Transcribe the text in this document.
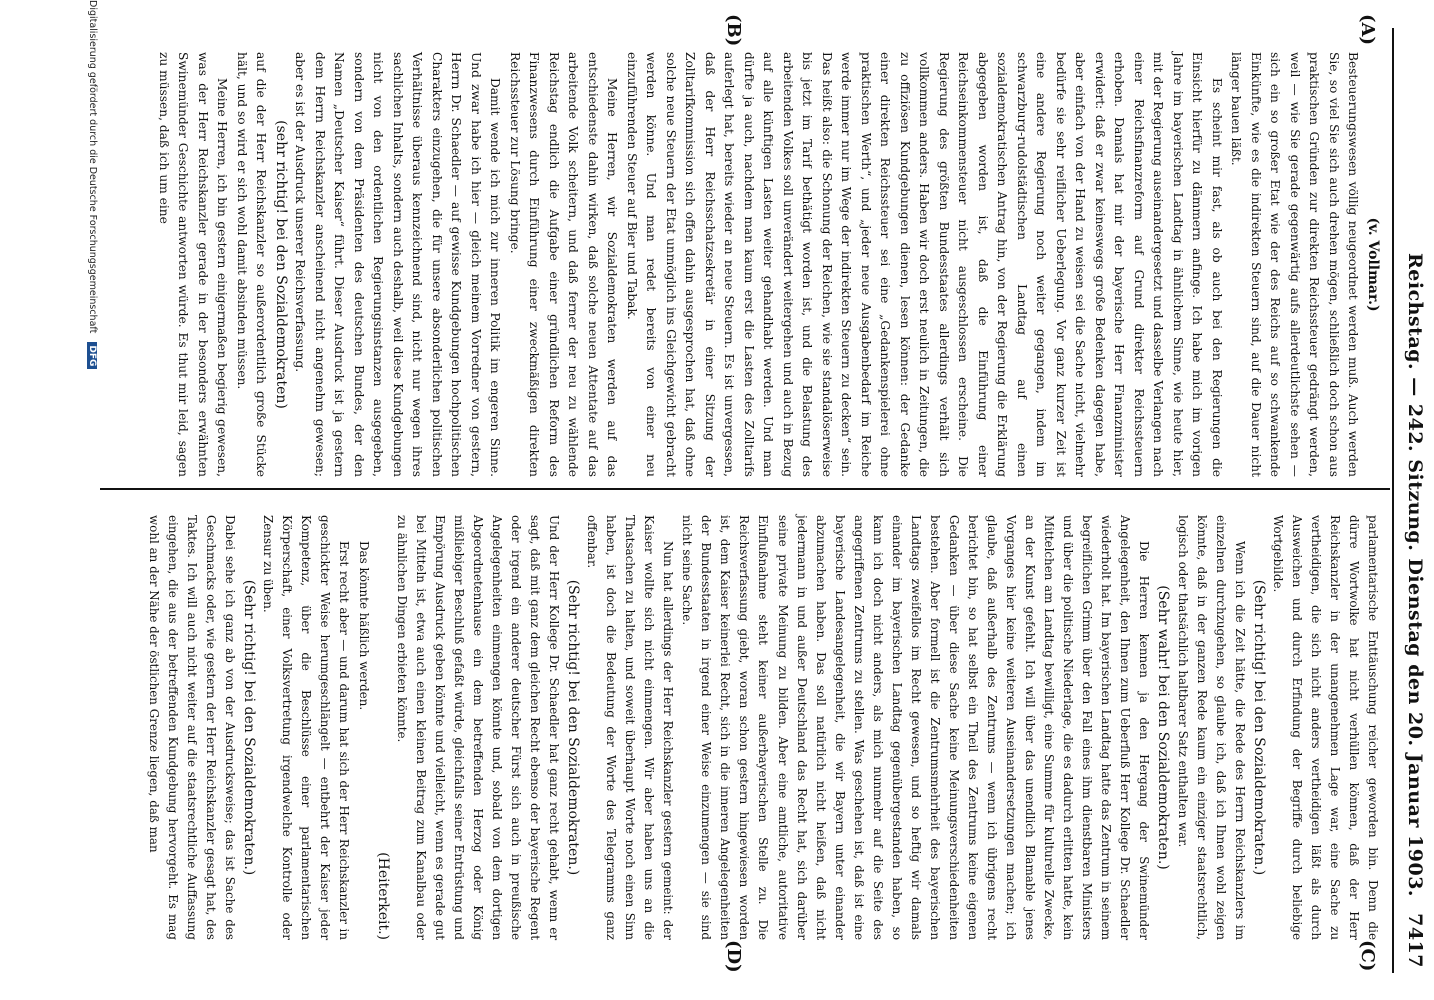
Reichstag. — 242. Sitzung. Dienstag den 20. Januar 1903.
7417
(A)
(B)
(C)
(D)

(v. Vollmar.)

Besteuerungswesen völlig neugeordnet werden muß. Auch werden Sie, so viel Sie sich auch drehen mögen, schließlich doch schon aus praktischen Gründen zur direkten Reichssteuer gedrängt werden, weil — wie Sie gerade gegenwärtig aufs allerdeutlichste sehen — sich ein so großer Etat wie der des Reichs auf so schwankende Einkünfte, wie es die indirekten Steuern sind, auf die Dauer nicht länger bauen läßt.

Es scheint mir fast, als ob auch bei den Regierungen die Einsicht hierfür zu dämmern anfinge. Ich habe mich im vorigen Jahre im bayerischen Landtag in ähnlichem Sinne, wie heute hier, mit der Regierung auseinandergesetzt und dasselbe Verlangen nach einer Reichsfinanzreform auf Grund direkter Reichssteuern erhoben. Damals hat mir der bayerische Herr Finanzminister erwidert: daß er zwar keineswegs große Bedenken dagegen habe, aber einfach von der Hand zu weisen sei die Sache nicht, vielmehr bedürfe sie sehr reiflicher Ueberlegung. Vor ganz kurzer Zeit ist eine andere Regierung noch weiter gegangen, indem im schwarzburg-rudolstädtischen Landtag auf einen sozialdemokratischen Antrag hin, von der Regierung die Erklärung abgegeben worden ist, daß die Einführung einer Reichseinkommensteuer nicht ausgeschlossen erscheine. Die Regierung des größten Bundesstaates allerdings verhält sich vollkommen anders. Haben wir doch erst neulich in Zeitungen, die zu offiziösen Kundgebungen dienen, lesen können: der Gedanke einer direkten Reichssteuer sei eine „Gedankenspielerei ohne praktischen Werth“, und „jeder neue Ausgabenbedarf im Reiche werde immer nur im Wege der indirekten Steuern zu decken“ sein. Das heißt also: die Schonung der Reichen, wie sie standalöserweise bis jetzt im Tarif bethätigt worden ist, und die Belastung des arbeitenden Volkes soll unverändert weitergehen und auch in Bezug auf alle künftigen Lasten weiter gehandhabt werden. Und man dürfte ja auch, nachdem man kaum erst die Lasten des Zolltarifs auferlegt hat, bereits wieder an neue Steuern. Es ist unvergessen, daß der Herr Reichsschatzsekretär in einer Sitzung der Zolltarifkommission sich offen dahin ausgesprochen hat, daß ohne solche neue Steuern der Etat unmöglich ins Gleichgewicht gebracht werden könne. Und man redet bereits von einer neu einzuführenden Steuer auf Bier und Tabak.

Meine Herren, wir Sozialdemokraten werden auf das entschiedenste dahin wirken, daß solche neuen Attentate auf das arbeitende Volk scheitern, und daß ferner der neu zu wählende Reichstag endlich die Aufgabe einer gründlichen Reform des Finanzwesens durch Einführung einer zweckmäßigen direkten Reichssteuer zur Lösung bringe.

Damit wende ich mich zur inneren Politik im engeren Sinne. Und zwar habe ich hier — gleich meinem Vorredner von gestern, Herrn Dr. Schaedler — auf gewisse Kundgebungen hochpolitischen Charakters einzugehen, die für unsere absonderlichen politischen Verhältnisse überaus kennzeichnend sind, nicht nur wegen ihres sachlichen Inhalts, sondern auch deshalb, weil diese Kundgebungen nicht von den ordentlichen Regierungsinstanzen ausgegeben, sondern von dem Präsidenten des deutschen Bundes, der den Namen „Deutscher Kaiser“ führt. Dieser Ausdruck ist ja gestern dem Herrn Reichskanzler anscheinend nicht angenehm gewesen; aber es ist der Ausdruck unserer Reichsverfassung.

(sehr richtig! bei den Sozialdemokraten)

auf die der Herr Reichskanzler so außerordentlich große Stücke hält, und so wird er sich wohl damit absinden müssen.

Meine Herren, ich bin gestern einigermaßen begierig gewesen, was der Herr Reichskanzler gerade in der besonders erwähnten Swinemünder Geschichte antworten würde. Es thut mir leid, sagen zu müssen, daß ich um eine

parlamentarische Enttäuschung reicher geworden bin. Denn die dürre Wortwolke hat nicht verhüllen können, daß der Herr Reichskanzler in der unangenehmen Lage war, eine Sache zu vertheidigen, die sich nicht anders vertheidigen läßt als durch Ausweichen und durch Erfindung der Begriffe durch beliebige Wortgebilde.

(Sehr richtig! bei den Sozialdemokraten.)

Wenn ich die Zeit hätte, die Rede des Herrn Reichskanzlers im einzelnen durchzugehen, so glaube ich, daß ich Ihnen wohl zeigen könnte, daß in der ganzen Rede kaum ein einziger staatsrechtlich, logisch oder thatsächlich haltbarer Satz enthalten war.

(Sehr wahr! bei den Sozialdemokraten.)

Die Herren kennen ja den Hergang der Swinemünder Angelegenheit, den Ihnen zum Ueberfluß Herr Kollege Dr. Schaedler wiederholt hat. Im bayerischen Landtag hatte das Zentrum in seinem begreiflichen Grimm über den Fall eines ihm dienstbaren Ministers und über die politische Niederlage, die es dadurch erlitten hatte, kein Mittelchen am Landtag bewilligt, eine Summe für kulturelle Zwecke, an der Kunst gefehlt. Ich will über das unendlich Blamable jenes Vorganges hier keine weiteren Auseinandersetzungen machen; ich glaube, daß außerhalb des Zentrums — wenn ich übrigens recht berichtet bin, so hat selbst ein Theil des Zentrums keine eigenen Gedanken — über diese Sache keine Meinungsverschiedenheiten bestehen. Aber formell ist die Zentrumsmehrheit des bayerischen Landtags zweifellos im Recht gewesen, und so heftig wir damals einander im bayerischen Landtag gegenübergestanden haben, so kann ich doch nicht anders, als mich nunmehr auf die Seite des angegriffenen Zentrums zu stellen. Was geschehen ist, daß ist eine bayerische Landesangelegenheit, die wir Bayern unter einander abzumachen haben. Das soll natürlich nicht heißen, daß nicht jedermann in und außer Deutschland das Recht hat, sich darüber seine private Meinung zu bilden. Aber eine amtliche, autoritative Einflußnahme steht keiner außerbayerischen Stelle zu. Die Reichsverfassung giebt, woran schon gestern hingewiesen worden ist, dem Kaiser keinerlei Recht, sich in die inneren Angelegenheiten der Bundesstaaten in irgend einer Weise einzumengen — sie sind nicht seine Sache.

Nun hat allerdings der Herr Reichskanzler gestern gemeint: der Kaiser wollte sich nicht einmengen. Wir aber haben uns an die Thatsachen zu halten, und soweit überhaupt Worte noch einen Sinn haben, ist doch die Bedeutung der Worte des Telegramms ganz offenbar.

(Sehr richtig! bei den Sozialdemokraten.)

Und der Herr Kollege Dr. Schaedler hat ganz recht gehabt, wenn er sagt, daß mit ganz dem gleichen Recht ebenso der bayerische Regent oder irgend ein anderer deutscher Fürst sich auch in preußische Angelegenheiten einmengen könnte und, sobald von dem dortigen Abgeordnetenhause ein dem betreffenden Herzog oder König mißliebiger Beschluß gefaßt würde, gleichfalls seiner Entrüstung und Empörung Ausdruck geben könnte und vielleicht, wenn es gerade gut bei Mitteln ist, etwa auch einen kleinen Beitrag zum Kanalbau oder zu ähnlichen Dingen erbieten könnte.

(Heiterkeit.)

Das könnte häßlich werden.

Erst recht aber — und darum hat sich der Herr Reichskanzler in geschickter Weise herumgeschlängelt — entbehrt der Kaiser jeder Kompetenz, über die Beschlüsse einer parlamentarischen Körperschaft, einer Volksvertretung irgendwelche Kontrolle oder Zensur zu üben.

(Sehr richtig! bei den Sozialdemokraten.)

Dabei sehe ich ganz ab von der Ausdrucksweise; das ist Sache des Geschmacks oder, wie gestern der Herr Reichskanzler gesagt hat, des Taktes. Ich will auch nicht weiter auf die staatsrechtliche Auffassung eingehen, die aus der betreffenden Kundgebung hervorgeht. Es mag wohl an der Nähe der östlichen Grenze liegen, daß man

Digitalisierung gefördert durch die Deutsche Forschungsgemeinschaft DFG
